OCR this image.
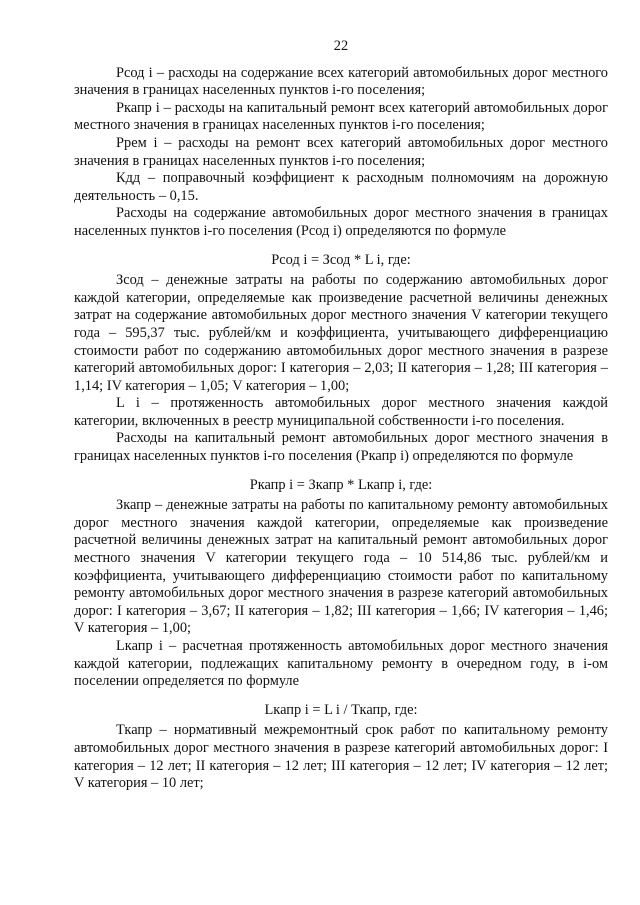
22

Рсод i – расходы на содержание всех категорий автомобильных дорог местного значения в границах населенных пунктов i-го поселения;

Ркапр i – расходы на капитальный ремонт всех категорий автомобильных дорог местного значения в границах населенных пунктов i-го поселения;

Ррем i – расходы на ремонт всех категорий автомобильных дорог местного значения в границах населенных пунктов i-го поселения;

Кдд – поправочный коэффициент к расходным полномочиям на дорожную деятельность – 0,15.

Расходы на содержание автомобильных дорог местного значения в границах населенных пунктов i-го поселения (Рсод i) определяются по формуле

Рсод i = Зсод * L i, где:

Зсод – денежные затраты на работы по содержанию автомобильных дорог каждой категории, определяемые как произведение расчетной величины денежных затрат на содержание автомобильных дорог местного значения V категории текущего года – 595,37 тыс. рублей/км и коэффициента, учитывающего дифференциацию стоимости работ по содержанию автомобильных дорог местного значения в разрезе категорий автомобильных дорог: I категория – 2,03; II категория – 1,28; III категория – 1,14; IV категория – 1,05; V категория – 1,00;

L i – протяженность автомобильных дорог местного значения каждой категории, включенных в реестр муниципальной собственности i-го поселения.

Расходы на капитальный ремонт автомобильных дорог местного значения в границах населенных пунктов i-го поселения (Ркапр i) определяются по формуле

Ркапр i = Зкапр * Lкапр i, где:

Зкапр – денежные затраты на работы по капитальному ремонту автомобильных дорог местного значения каждой категории, определяемые как произведение расчетной величины денежных затрат на капитальный ремонт автомобильных дорог местного значения V категории текущего года – 10 514,86 тыс. рублей/км и коэффициента, учитывающего дифференциацию стоимости работ по капитальному ремонту автомобильных дорог местного значения в разрезе категорий автомобильных дорог: I категория – 3,67; II категория – 1,82; III категория – 1,66; IV категория – 1,46; V категория – 1,00;

Lкапр i – расчетная протяженность автомобильных дорог местного значения каждой категории, подлежащих капитальному ремонту в очередном году, в i-ом поселении определяется по формуле

Lкапр i = L i / Ткапр, где:

Ткапр – нормативный межремонтный срок работ по капитальному ремонту автомобильных дорог местного значения в разрезе категорий автомобильных дорог: I категория – 12 лет; II категория – 12 лет; III категория – 12 лет; IV категория – 12 лет; V категория – 10 лет;
